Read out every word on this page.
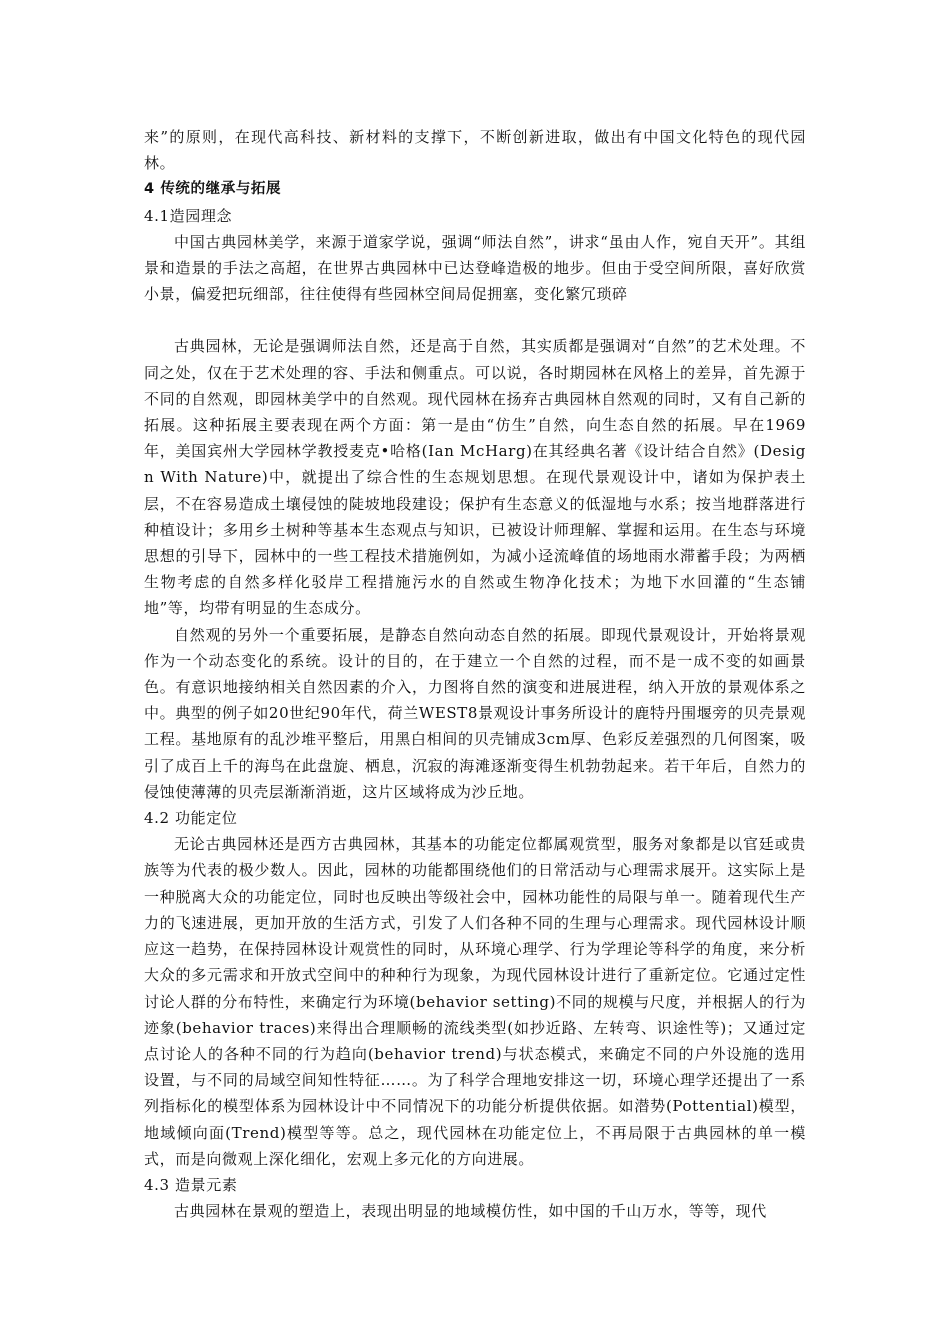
来”的原则，在现代高科技、新材料的支撑下，不断创新进取，做出有中国文化特色的现代园林。

4 传统的继承与拓展

4.1造园理念

中国古典园林美学，来源于道家学说，强调“师法自然”，讲求“虽由人作，宛自天开”。其组景和造景的手法之高超，在世界古典园林中已达登峰造极的地步。但由于受空间所限，喜好欣赏小景，偏爱把玩细部，往往使得有些园林空间局促拥塞，变化繁冗琐碎

古典园林，无论是强调师法自然，还是高于自然，其实质都是强调对“自然”的艺术处理。不同之处，仅在于艺术处理的容、手法和侧重点。可以说，各时期园林在风格上的差异，首先源于不同的自然观，即园林美学中的自然观。现代园林在扬弃古典园林自然观的同时，又有自己新的拓展。这种拓展主要表现在两个方面：第一是由“仿生”自然，向生态自然的拓展。早在1969年，美国宾州大学园林学教授麦克•哈格(Ian McHarg)在其经典名著《设计结合自然》(Design With Nature)中，就提出了综合性的生态规划思想。在现代景观设计中，诸如为保护表土层，不在容易造成土壤侵蚀的陡坡地段建设；保护有生态意义的低湿地与水系；按当地群落进行种植设计；多用乡土树种等基本生态观点与知识，已被设计师理解、掌握和运用。在生态与环境思想的引导下，园林中的一些工程技术措施例如，为减小迳流峰值的场地雨水滞蓄手段；为两栖生物考虑的自然多样化驳岸工程措施污水的自然或生物净化技术；为地下水回灌的“生态铺地”等，均带有明显的生态成分。

自然观的另外一个重要拓展，是静态自然向动态自然的拓展。即现代景观设计，开始将景观作为一个动态变化的系统。设计的目的，在于建立一个自然的过程，而不是一成不变的如画景色。有意识地接纳相关自然因素的介入，力图将自然的演变和进展进程，纳入开放的景观体系之中。典型的例子如20世纪90年代，荷兰WEST8景观设计事务所设计的鹿特丹围堰旁的贝壳景观工程。基地原有的乱沙堆平整后，用黑白相间的贝壳铺成3cm厚、色彩反差强烈的几何图案，吸引了成百上千的海鸟在此盘旋、栖息，沉寂的海滩逐渐变得生机勃勃起来。若干年后，自然力的侵蚀使薄薄的贝壳层渐渐消逝，这片区域将成为沙丘地。

4.2 功能定位

无论古典园林还是西方古典园林，其基本的功能定位都属观赏型，服务对象都是以官廷或贵族等为代表的极少数人。因此，园林的功能都围绕他们的日常活动与心理需求展开。这实际上是一种脱离大众的功能定位，同时也反映出等级社会中，园林功能性的局限与单一。随着现代生产力的飞速进展，更加开放的生活方式，引发了人们各种不同的生理与心理需求。现代园林设计顺应这一趋势，在保持园林设计观赏性的同时，从环境心理学、行为学理论等科学的角度，来分析大众的多元需求和开放式空间中的种种行为现象，为现代园林设计进行了重新定位。它通过定性讨论人群的分布特性，来确定行为环境(behavior setting)不同的规模与尺度，并根据人的行为迹象(behavior traces)来得出合理顺畅的流线类型(如抄近路、左转弯、识途性等)；又通过定点讨论人的各种不同的行为趋向(behavior trend)与状态模式，来确定不同的户外设施的选用设置，与不同的局域空间知性特征……。为了科学合理地安排这一切，环境心理学还提出了一系列指标化的模型体系为园林设计中不同情况下的功能分析提供依据。如潜势(Pottential)模型，地域倾向面(Trend)模型等等。总之，现代园林在功能定位上，不再局限于古典园林的单一模式，而是向微观上深化细化，宏观上多元化的方向进展。

4.3 造景元素

古典园林在景观的塑造上，表现出明显的地域模仿性，如中国的千山万水，等等，现代
